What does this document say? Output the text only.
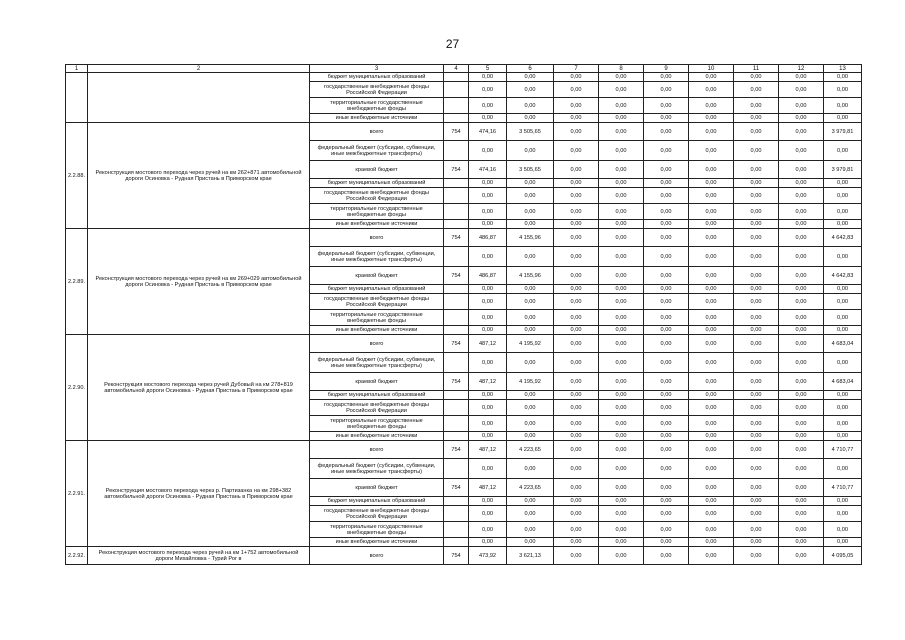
27
1	2	3	4	5	6	7	8	9	10	11	12	13
		бюджет муниципальных образований		0,00	0,00	0,00	0,00	0,00	0,00	0,00	0,00	0,00
		государственные внебюджетные фонды Российской Федерации		0,00	0,00	0,00	0,00	0,00	0,00	0,00	0,00	0,00
		территориальные государственные внебюджетные фонды		0,00	0,00	0,00	0,00	0,00	0,00	0,00	0,00	0,00
		иные внебюджетные источники		0,00	0,00	0,00	0,00	0,00	0,00	0,00	0,00	0,00
2.2.88.	Реконструкция мостового перехода через ручей на км 262+871 автомобильной дороги Осиновка - Рудная Пристань в Приморском крае	всего	754	474,16	3 505,65	0,00	0,00	0,00	0,00	0,00	0,00	3 979,81
		федеральный бюджет (субсидии, субвенции, иные межбюджетные трансферты)		0,00	0,00	0,00	0,00	0,00	0,00	0,00	0,00	0,00
		краевой бюджет	754	474,16	3 505,65	0,00	0,00	0,00	0,00	0,00	0,00	3 979,81
		бюджет муниципальных образований		0,00	0,00	0,00	0,00	0,00	0,00	0,00	0,00	0,00
		государственные внебюджетные фонды Российской Федерации		0,00	0,00	0,00	0,00	0,00	0,00	0,00	0,00	0,00
		территориальные государственные внебюджетные фонды		0,00	0,00	0,00	0,00	0,00	0,00	0,00	0,00	0,00
		иные внебюджетные источники		0,00	0,00	0,00	0,00	0,00	0,00	0,00	0,00	0,00
2.2.89.	Реконструкция мостового перехода через ручей на км 269+029 автомобильной дороги Осиновка - Рудная Пристань в Приморском крае	всего	754	486,87	4 155,96	0,00	0,00	0,00	0,00	0,00	0,00	4 642,83
		федеральный бюджет (субсидии, субвенции, иные межбюджетные трансферты)		0,00	0,00	0,00	0,00	0,00	0,00	0,00	0,00	0,00
		краевой бюджет	754	486,87	4 155,96	0,00	0,00	0,00	0,00	0,00	0,00	4 642,83
		бюджет муниципальных образований		0,00	0,00	0,00	0,00	0,00	0,00	0,00	0,00	0,00
		государственные внебюджетные фонды Российской Федерации		0,00	0,00	0,00	0,00	0,00	0,00	0,00	0,00	0,00
		территориальные государственные внебюджетные фонды		0,00	0,00	0,00	0,00	0,00	0,00	0,00	0,00	0,00
		иные внебюджетные источники		0,00	0,00	0,00	0,00	0,00	0,00	0,00	0,00	0,00
2.2.90.	Реконструкция мостового перехода через ручей Дубовый на км 278+819 автомобильной дороги Осиновка - Рудная Пристань в Приморском крае	всего	754	487,12	4 195,92	0,00	0,00	0,00	0,00	0,00	0,00	4 683,04
		федеральный бюджет (субсидии, субвенции, иные межбюджетные трансферты)		0,00	0,00	0,00	0,00	0,00	0,00	0,00	0,00	0,00
		краевой бюджет	754	487,12	4 195,92	0,00	0,00	0,00	0,00	0,00	0,00	4 683,04
		бюджет муниципальных образований		0,00	0,00	0,00	0,00	0,00	0,00	0,00	0,00	0,00
		государственные внебюджетные фонды Российской Федерации		0,00	0,00	0,00	0,00	0,00	0,00	0,00	0,00	0,00
		территориальные государственные внебюджетные фонды		0,00	0,00	0,00	0,00	0,00	0,00	0,00	0,00	0,00
		иные внебюджетные источники		0,00	0,00	0,00	0,00	0,00	0,00	0,00	0,00	0,00
2.2.91.	Реконструкция мостового перехода через р. Партизанка на км 298+382 автомобильной дороги Осиновка - Рудная Пристань в Приморском крае	всего	754	487,12	4 223,65	0,00	0,00	0,00	0,00	0,00	0,00	4 710,77
		федеральный бюджет (субсидии, субвенции, иные межбюджетные трансферты)		0,00	0,00	0,00	0,00	0,00	0,00	0,00	0,00	0,00
		краевой бюджет	754	487,12	4 223,65	0,00	0,00	0,00	0,00	0,00	0,00	4 710,77
		бюджет муниципальных образований		0,00	0,00	0,00	0,00	0,00	0,00	0,00	0,00	0,00
		государственные внебюджетные фонды Российской Федерации		0,00	0,00	0,00	0,00	0,00	0,00	0,00	0,00	0,00
		территориальные государственные внебюджетные фонды		0,00	0,00	0,00	0,00	0,00	0,00	0,00	0,00	0,00
		иные внебюджетные источники		0,00	0,00	0,00	0,00	0,00	0,00	0,00	0,00	0,00
2.2.92.	Реконструкция мостового перехода через ручей на км 1+752 автомобильной дороги Михайловка - Турий Рог в	всего	754	473,92	3 621,13	0,00	0,00	0,00	0,00	0,00	0,00	4 095,05
